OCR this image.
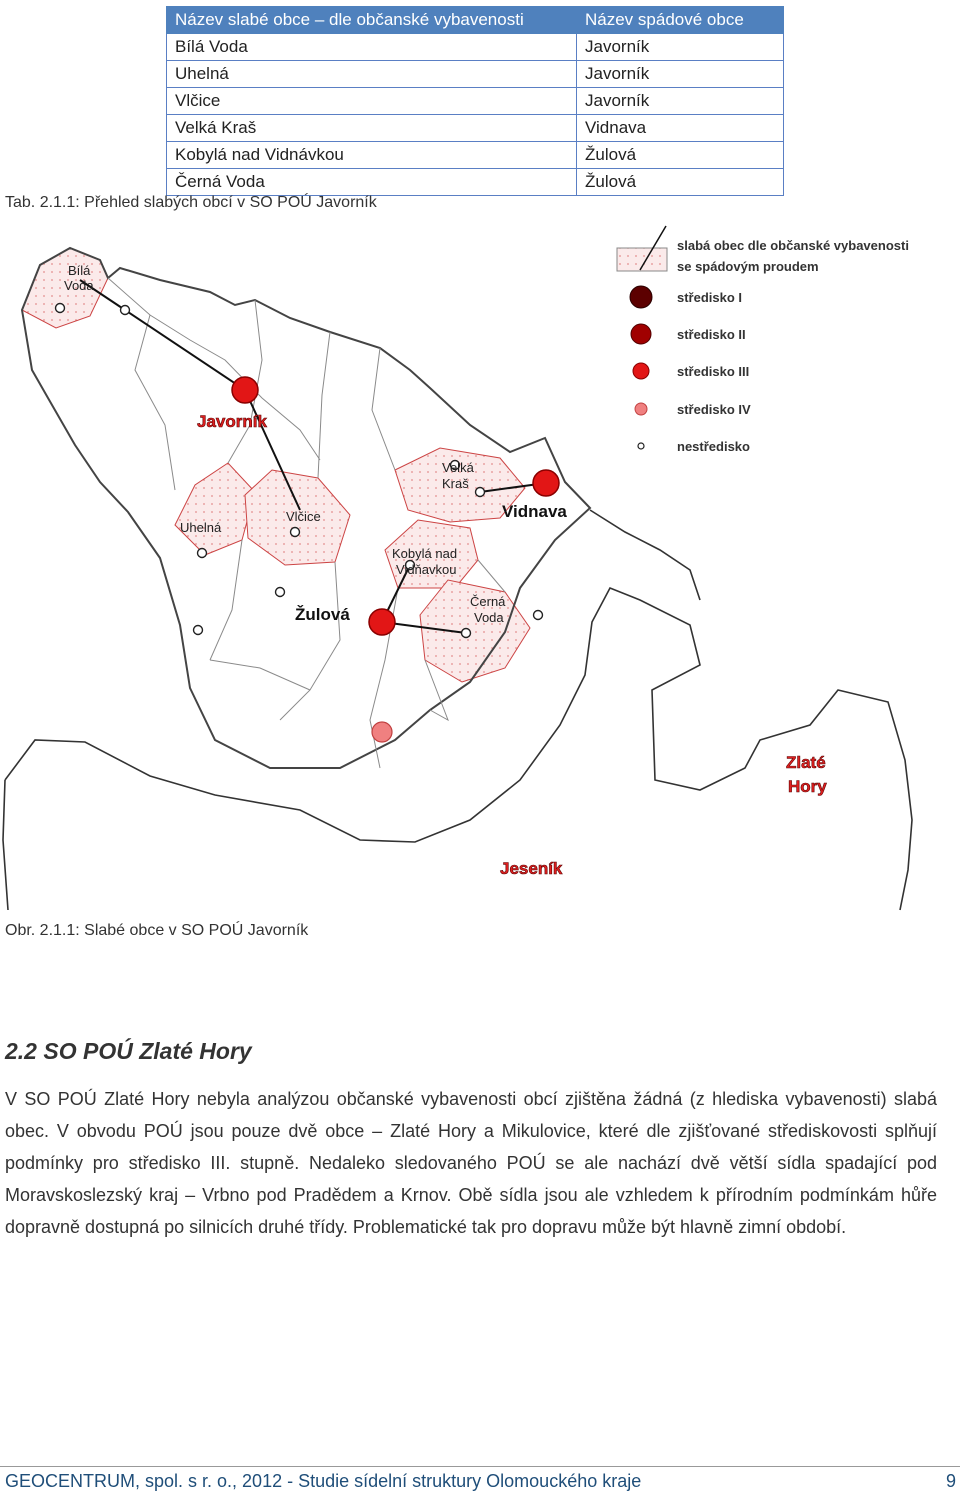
Název slabé obce – dle občanské vybavenosti	Název spádové obce
Bílá Voda	Javorník
Uhelná	Javorník
Vlčice	Javorník
Velká Kraš	Vidnava
Kobylá nad Vidnávkou	Žulová
Černá Voda	Žulová
Tab. 2.1.1: Přehled slabých obcí v SO POÚ Javorník
Bílá
Voda
Uhelná
Vlčice
Velká
Kraš
Kobylá nad
Vidňavkou
Černá
Voda
Javorník
Vidnava
Žulová
Zlaté
Hory
Jeseník
slabá obec dle občanské vybavenosti
se spádovým proudem
středisko I
středisko II
středisko III
středisko IV
nestředisko
Obr. 2.1.1: Slabé obce v SO POÚ Javorník
2.2 SO POÚ Zlaté Hory

V SO POÚ Zlaté Hory nebyla analýzou občanské vybavenosti obcí zjištěna žádná (z hlediska vybavenosti) slabá obec. V obvodu POÚ jsou pouze dvě obce – Zlaté Hory a Mikulovice, které dle zjišťované střediskovosti splňují podmínky pro středisko III. stupně. Nedaleko sledovaného POÚ se ale nachází dvě větší sídla spadající pod Moravskoslezský kraj – Vrbno pod Pradědem a Krnov. Obě sídla jsou ale vzhledem k přírodním podmínkám hůře dopravně dostupná po silnicích druhé třídy. Problematické tak pro dopravu může být hlavně zimní období.

GEOCENTRUM, spol. s r. o., 2012 - Studie sídelní struktury Olomouckého kraje	9
